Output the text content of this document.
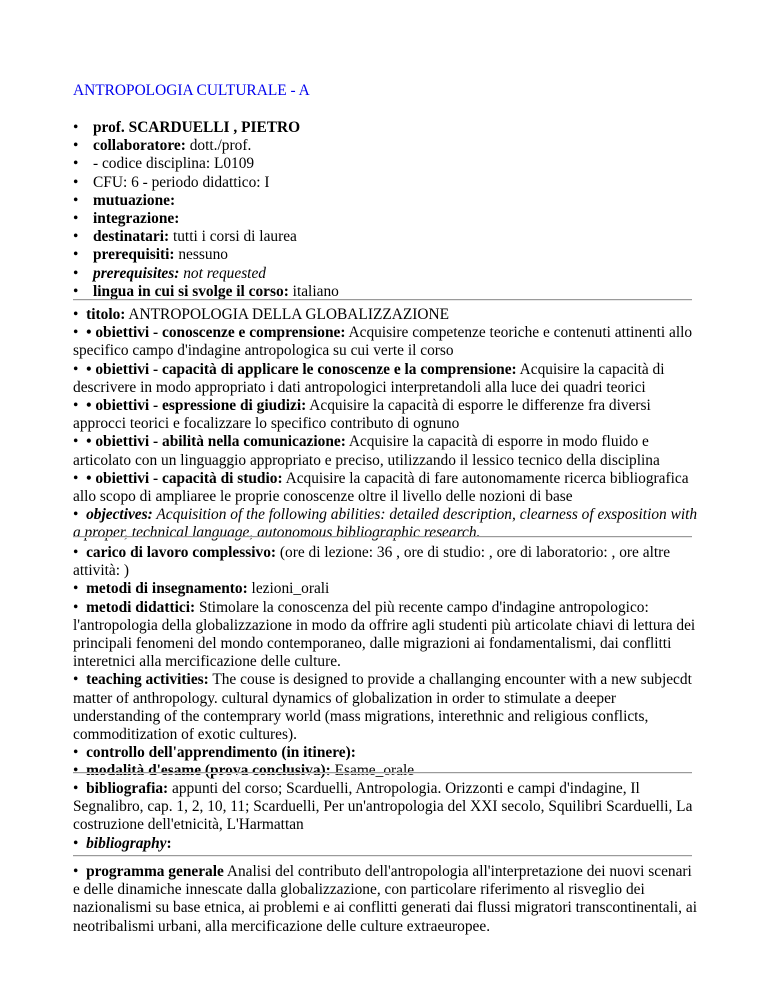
ANTROPOLOGIA CULTURALE - A
• prof. SCARDUELLI , PIETRO
• collaboratore: dott./prof.
• - codice disciplina: L0109
• CFU: 6 - periodo didattico: I
• mutuazione:
• integrazione:
• destinatari: tutti i corsi di laurea
• prerequisiti: nessuno
• prerequisites: not requested
• lingua in cui si svolge il corso: italiano

• titolo: ANTROPOLOGIA DELLA GLOBALIZZAZIONE

• • obiettivi - conoscenze e comprensione: Acquisire competenze teoriche e contenuti attinenti allo specifico campo d'indagine antropologica su cui verte il corso

• • obiettivi - capacità di applicare le conoscenze e la comprensione: Acquisire la capacità di descrivere in modo appropriato i dati antropologici interpretandoli alla luce dei quadri teorici

• • obiettivi - espressione di giudizi: Acquisire la capacità di esporre le differenze fra diversi approcci teorici e focalizzare lo specifico contributo di ognuno

• • obiettivi - abilità nella comunicazione: Acquisire la capacità di esporre in modo fluido e articolato con un linguaggio appropriato e preciso, utilizzando il lessico tecnico della disciplina

• • obiettivi - capacità di studio: Acquisire la capacità di fare autonomamente ricerca bibliografica allo scopo di ampliaree le proprie conoscenze oltre il livello delle nozioni di base

• objectives: Acquisition of the following abilities: detailed description, clearness of exsposition with a proper, technical language, autonomous bibliographic research.

• carico di lavoro complessivo: (ore di lezione: 36 , ore di studio: , ore di laboratorio: , ore altre attività: )

• metodi di insegnamento: lezioni_orali

• metodi didattici: Stimolare la conoscenza del più recente campo d'indagine antropologico: l'antropologia della globalizzazione in modo da offrire agli studenti più articolate chiavi di lettura dei principali fenomeni del mondo contemporaneo, dalle migrazioni ai fondamentalismi, dai conflitti interetnici alla mercificazione delle culture.

• teaching activities: The couse is designed to provide a challanging encounter with a new subjecdt matter of anthropology. cultural dynamics of globalization in order to stimulate a deeper understanding of the contemprary world (mass migrations, interethnic and religious conflicts, commoditization of exotic cultures).

• controllo dell'apprendimento (in itinere):

• modalità d'esame (prova conclusiva): Esame_orale

• bibliografia: appunti del corso; Scarduelli, Antropologia. Orizzonti e campi d'indagine, Il Segnalibro, cap. 1, 2, 10, 11; Scarduelli, Per un'antropologia del XXI secolo, Squilibri Scarduelli, La costruzione dell'etnicità, L'Harmattan

• bibliography:

• programma generale Analisi del contributo dell'antropologia all'interpretazione dei nuovi scenari e delle dinamiche innescate dalla globalizzazione, con particolare riferimento al risveglio dei nazionalismi su base etnica, ai problemi e ai conflitti generati dai flussi migratori transcontinentali, ai neotribalismi urbani, alla mercificazione delle culture extraeuropee.
